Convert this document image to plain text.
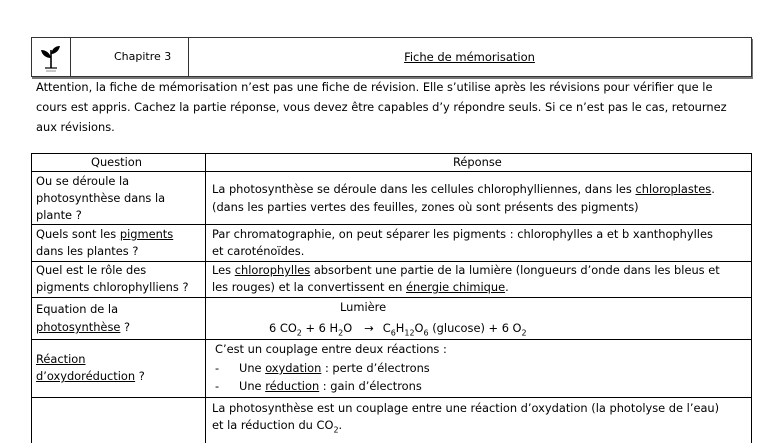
Chapitre 3	Fiche de mémorisation
Attention, la fiche de mémorisation n’est pas une fiche de révision. Elle s’utilise après les révisions pour vérifier que le
cours est appris. Cachez la partie réponse, vous devez être capables d’y répondre seuls. Si ce n’est pas le cas, retournez
aux révisions.
Question	Réponse
Ou se déroule la
photosynthèse dans la
plante ?
La photosynthèse se déroule dans les cellules chlorophylliennes, dans les chloroplastes.
(dans les parties vertes des feuilles, zones où sont présents des pigments)
Quels sont les pigments
dans les plantes ?
Par chromatographie, on peut séparer les pigments : chlorophylles a et b xanthophylles
et caroténoïdes.
Quel est le rôle des
pigments chlorophylliens ?
Les chlorophylles absorbent une partie de la lumière (longueurs d’onde dans les bleus et
les rouges) et la convertissent en énergie chimique.
Equation de la
photosynthèse ?
Lumière
6 $CO_2 + 6$ $H_2O \to C_6H_{12}O_6$ (glucose) + 6 $O_2$
Réaction
d’oxydoréduction ?
C’est un couplage entre deux réactions :
- Une oxydation : perte d’électrons
- Une réduction : gain d’électrons
La photosynthèse est un couplage entre une réaction d’oxydation (la photolyse de l’eau)
et la réduction du $CO_2$.
